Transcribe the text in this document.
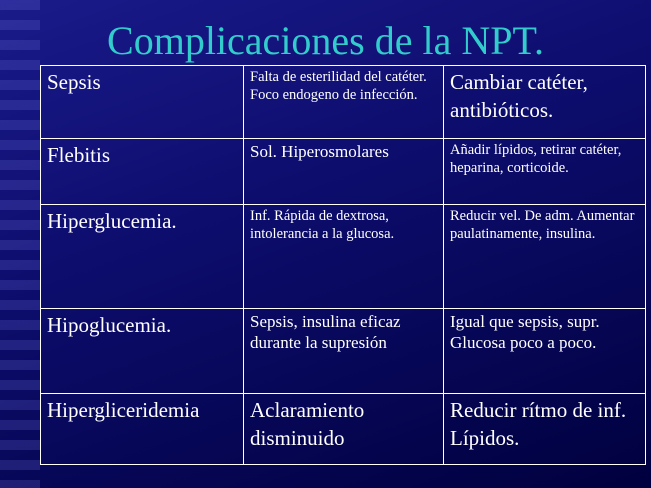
Complicaciones de la NPT.
Sepsis	Falta de esterilidad del catéter. Foco endogeno de infección.	Cambiar catéter, antibióticos.
Flebitis	Sol. Hiperosmolares	Añadir lípidos, retirar catéter, heparina, corticoide.
Hiperglucemia.	Inf. Rápida de dextrosa, intolerancia a la glucosa.	Reducir vel. De adm. Aumentar paulatinamente, insulina.
Hipoglucemia.	Sepsis, insulina eficaz durante la supresión	Igual que sepsis, supr. Glucosa poco a poco.
Hipergliceridemia	Aclaramiento disminuido	Reducir rítmo de inf. Lípidos.
